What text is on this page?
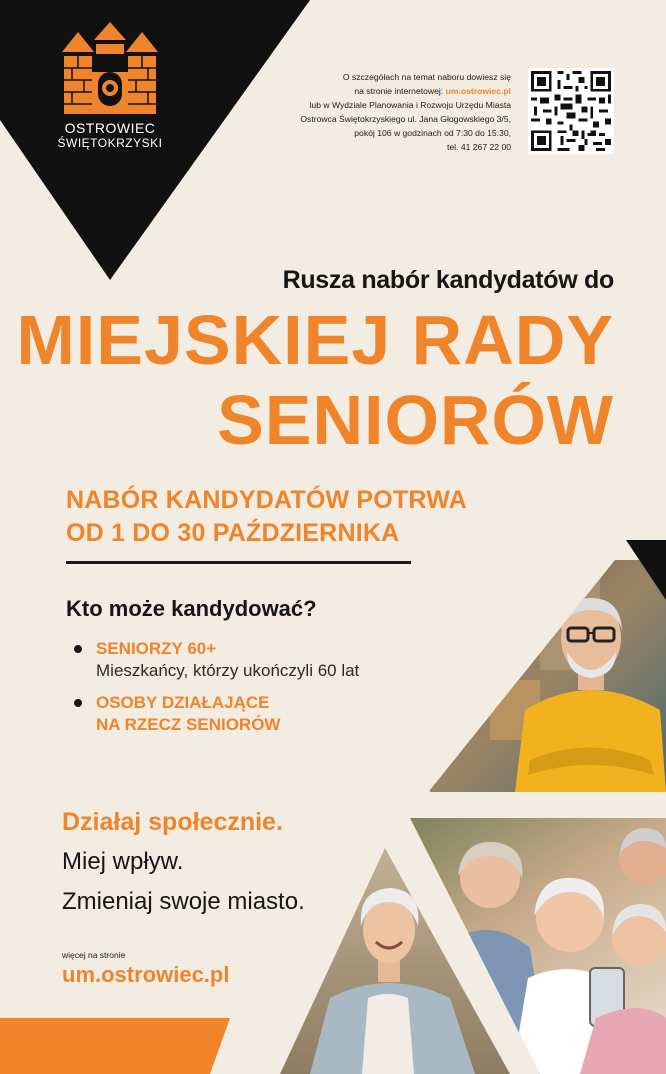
OSTROWIEC
ŚWIĘTOKRZYSKI
O szczegółach na temat naboru dowiesz się
na stronie internetowej: um.ostrowiec.pl
lub w Wydziale Planowania i Rozwoju Urzędu Miasta
Ostrowca Świętokrzyskiego ul. Jana Głogowskiego 3/5,
pokój 106 w godzinach od 7:30 do 15:30,
tel. 41 267 22 00
Rusza nabór kandydatów do
MIEJSKIEJ RADY
SENIORÓW
NABÓR KANDYDATÓW POTRWA
OD 1 DO 30 PAŹDZIERNIKA
Kto może kandydować?
SENIORZY 60+
Mieszkańcy, którzy ukończyli 60 lat
OSOBY DZIAŁAJĄCE
NA RZECZ SENIORÓW
Działaj społecznie.
Miej wpływ.
Zmieniaj swoje miasto.
więcej na stronie
um.ostrowiec.pl
